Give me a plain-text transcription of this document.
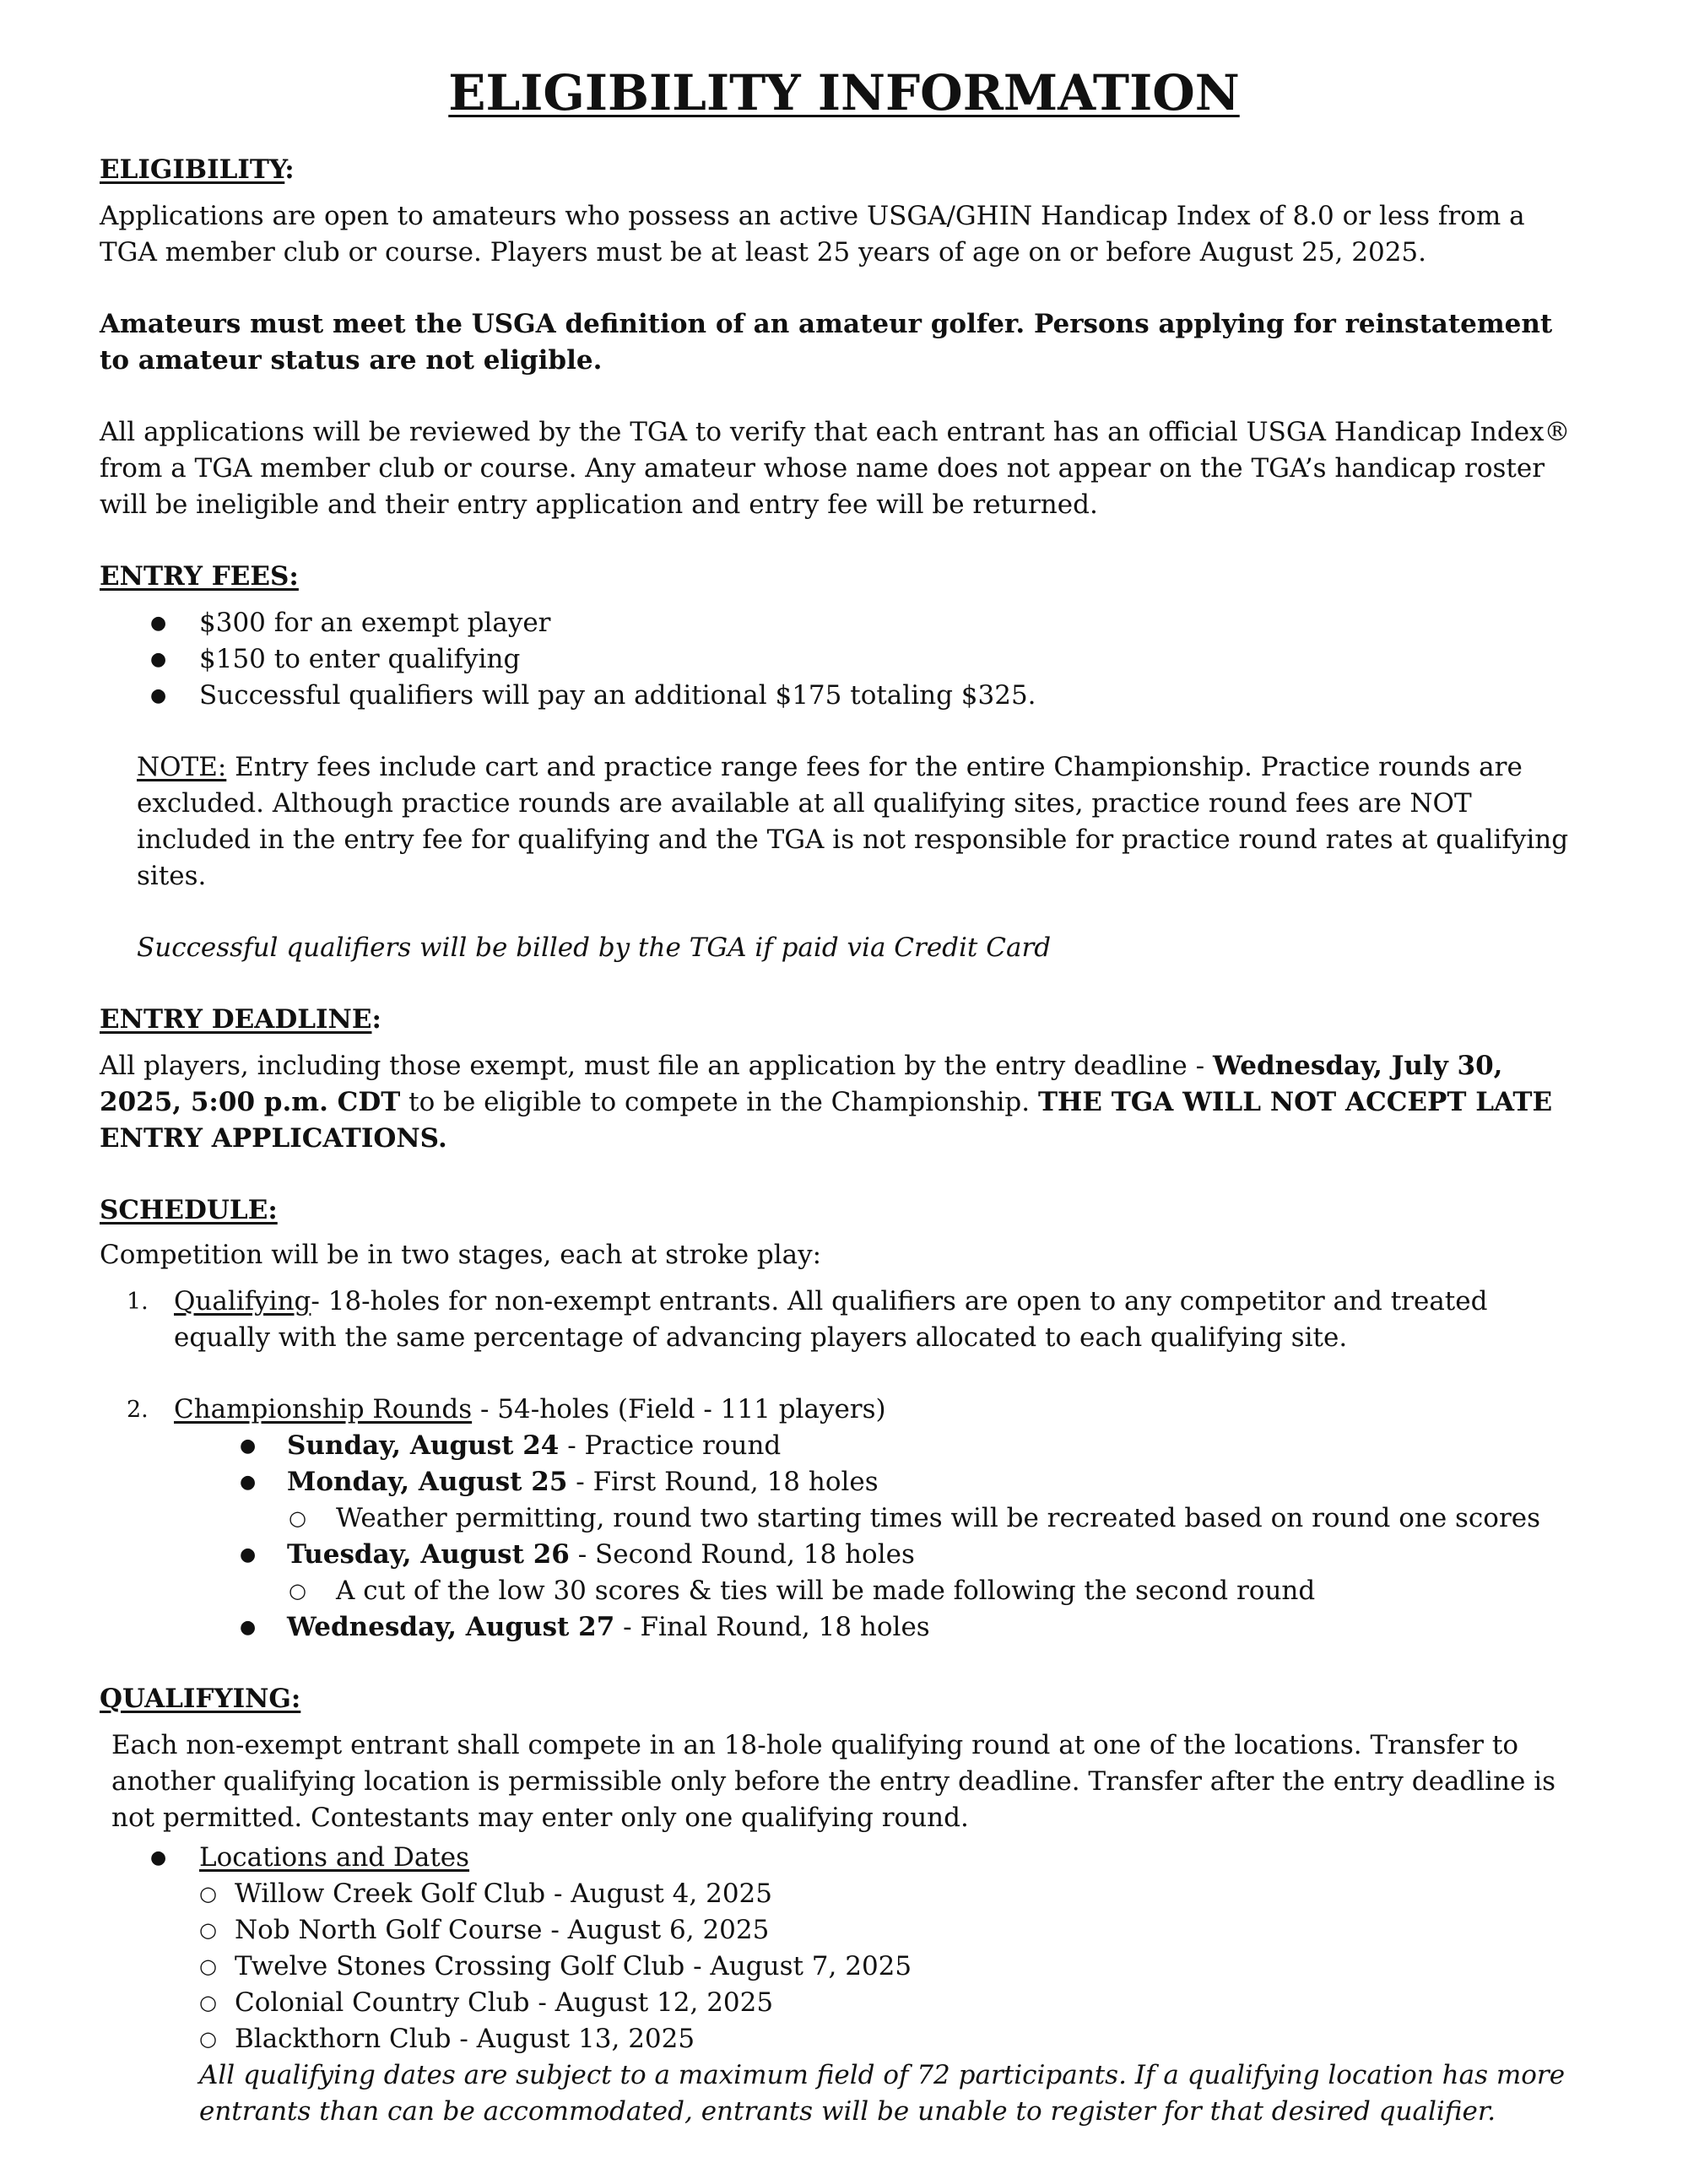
ELIGIBILITY INFORMATION

ELIGIBILITY:

Applications are open to amateurs who possess an active USGA/GHIN Handicap Index of 8.0 or less from a TGA member club or course. Players must be at least 25 years of age on or before August 25, 2025.

Amateurs must meet the USGA definition of an amateur golfer. Persons applying for reinstatement to amateur status are not eligible.

All applications will be reviewed by the TGA to verify that each entrant has an official USGA Handicap Index® from a TGA member club or course. Any amateur whose name does not appear on the TGA’s handicap roster will be ineligible and their entry application and entry fee will be returned.

ENTRY FEES:

● $300 for an exempt player
● $150 to enter qualifying
● Successful qualifiers will pay an additional $175 totaling $325.

NOTE: Entry fees include cart and practice range fees for the entire Championship. Practice rounds are excluded. Although practice rounds are available at all qualifying sites, practice round fees are NOT included in the entry fee for qualifying and the TGA is not responsible for practice round rates at qualifying sites.

Successful qualifiers will be billed by the TGA if paid via Credit Card

ENTRY DEADLINE:

All players, including those exempt, must file an application by the entry deadline - Wednesday, July 30, 2025, 5:00 p.m. CDT to be eligible to compete in the Championship. THE TGA WILL NOT ACCEPT LATE ENTRY APPLICATIONS.

SCHEDULE:

Competition will be in two stages, each at stroke play:

1. Qualifying- 18-holes for non-exempt entrants. All qualifiers are open to any competitor and treated equally with the same percentage of advancing players allocated to each qualifying site.
2. Championship Rounds - 54-holes (Field - 111 players)
● Sunday, August 24 - Practice round
● Monday, August 25 - First Round, 18 holes
○ Weather permitting, round two starting times will be recreated based on round one scores
● Tuesday, August 26 - Second Round, 18 holes
○ A cut of the low 30 scores & ties will be made following the second round
● Wednesday, August 27 - Final Round, 18 holes

QUALIFYING:

Each non-exempt entrant shall compete in an 18-hole qualifying round at one of the locations. Transfer to another qualifying location is permissible only before the entry deadline. Transfer after the entry deadline is not permitted. Contestants may enter only one qualifying round.

● Locations and Dates
○ Willow Creek Golf Club - August 4, 2025
○ Nob North Golf Course - August 6, 2025
○ Twelve Stones Crossing Golf Club - August 7, 2025
○ Colonial Country Club - August 12, 2025
○ Blackthorn Club - August 13, 2025

All qualifying dates are subject to a maximum field of 72 participants. If a qualifying location has more entrants than can be accommodated, entrants will be unable to register for that desired qualifier.
